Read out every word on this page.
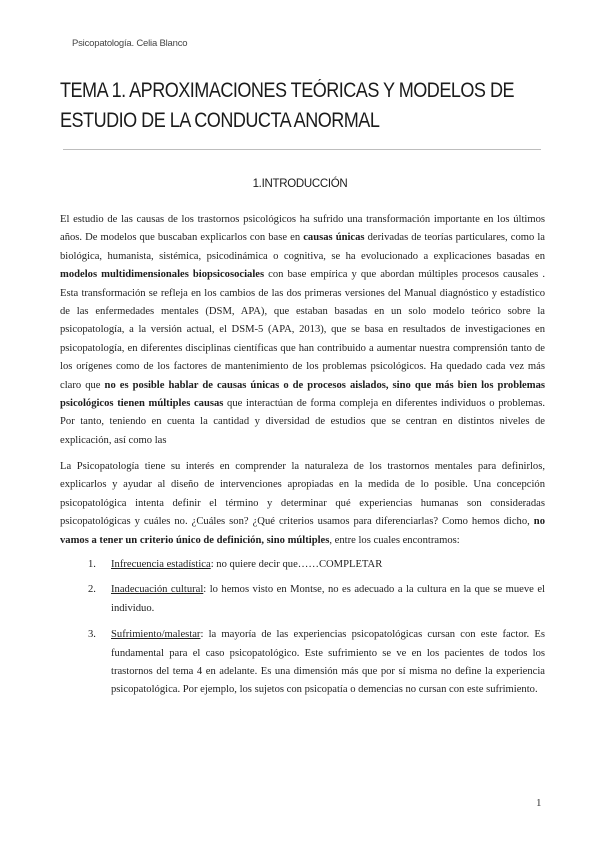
Psicopatología. Celia Blanco
TEMA 1. APROXIMACIONES TEÓRICAS Y MODELOS DE ESTUDIO DE LA CONDUCTA ANORMAL
1.INTRODUCCIÓN

El estudio de las causas de los trastornos psicológicos ha sufrido una transformación importante en los últimos años. De modelos que buscaban explicarlos con base en causas únicas derivadas de teorías particulares, como la biológica, humanista, sistémica, psicodinámica o cognitiva, se ha evolucionado a explicaciones basadas en modelos multidimensionales biopsicosociales con base empírica y que abordan múltiples procesos causales . Esta transformación se refleja en los cambios de las dos primeras versiones del Manual diagnóstico y estadístico de las enfermedades mentales (DSM, APA), que estaban basadas en un solo modelo teórico sobre la psicopatología, a la versión actual, el DSM-5 (APA, 2013), que se basa en resultados de investigaciones en psicopatología, en diferentes disciplinas científicas que han contribuido a aumentar nuestra comprensión tanto de los orígenes como de los factores de mantenimiento de los problemas psicológicos. Ha quedado cada vez más claro que no es posible hablar de causas únicas o de procesos aislados, sino que más bien los problemas psicológicos tienen múltiples causas que interactúan de forma compleja en diferentes individuos o problemas. Por tanto, teniendo en cuenta la cantidad y diversidad de estudios que se centran en distintos niveles de explicación, así como las

La Psicopatología tiene su interés en comprender la naturaleza de los trastornos mentales para definirlos, explicarlos y ayudar al diseño de intervenciones apropiadas en la medida de lo posible. Una concepción psicopatológica intenta definir el término y determinar qué experiencias humanas son consideradas psicopatológicas y cuáles no. ¿Cuáles son? ¿Qué criterios usamos para diferenciarlas? Como hemos dicho, no vamos a tener un criterio único de definición, sino múltiples, entre los cuales encontramos:

1. Infrecuencia estadística: no quiere decir que……COMPLETAR
2. Inadecuación cultural: lo hemos visto en Montse, no es adecuado a la cultura en la que se mueve el individuo.
3. Sufrimiento/malestar: la mayoría de las experiencias psicopatológicas cursan con este factor. Es fundamental para el caso psicopatológico. Este sufrimiento se ve en los pacientes de todos los trastornos del tema 4 en adelante. Es una dimensión más que por sí misma no define la experiencia psicopatológica. Por ejemplo, los sujetos con psicopatía o demencias no cursan con este sufrimiento.
1
